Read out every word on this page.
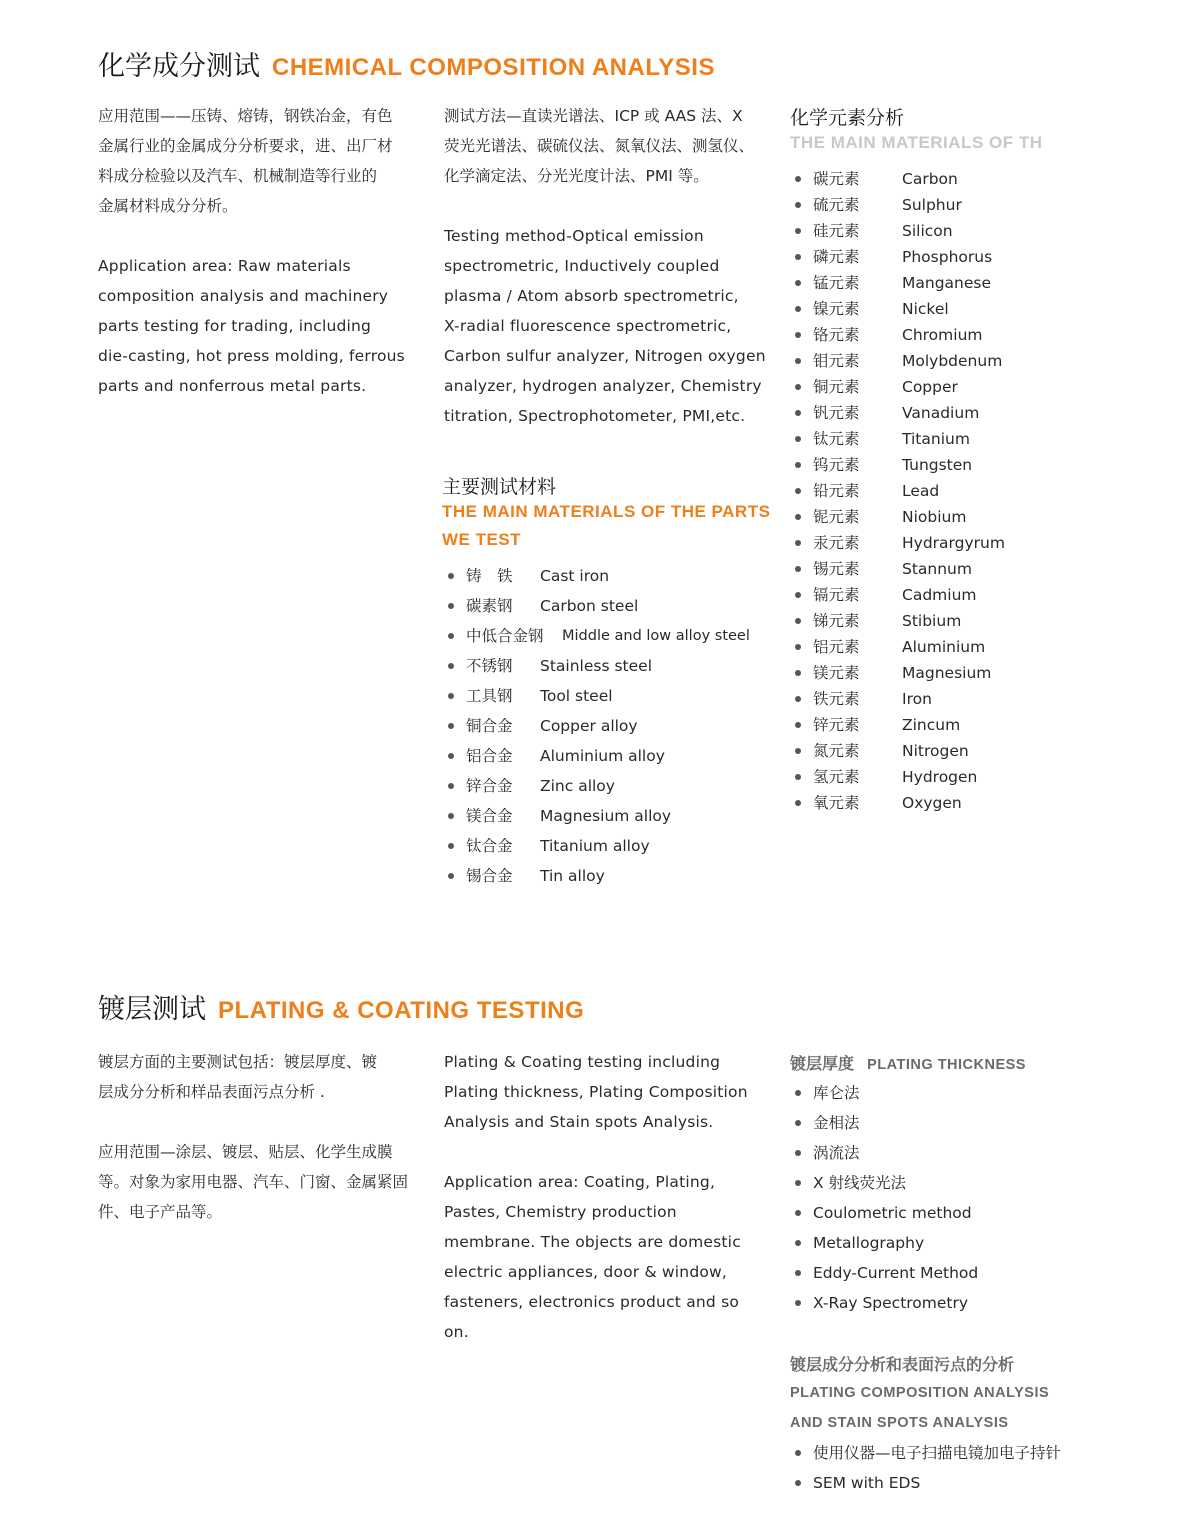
化学成分测试 CHEMICAL COMPOSITION ANALYSIS

应用范围——压铸、熔铸，钢铁冶金，有色

金属行业的金属成分分析要求，进、出厂材

料成分检验以及汽车、机械制造等行业的

金属材料成分分析。

Application area: Raw materials

composition analysis and machinery

parts testing for trading, including

die-casting, hot press molding, ferrous

parts and nonferrous metal parts.

测试方法—直读光谱法、ICP 或 AAS 法、X

荧光光谱法、碳硫仪法、氮氧仪法、测氢仪、

化学滴定法、分光光度计法、PMI 等。

Testing method-Optical emission

spectrometric, Inductively coupled

plasma / Atom absorb spectrometric,

X-radial fluorescence spectrometric,

Carbon sulfur analyzer, Nitrogen oxygen

analyzer, hydrogen analyzer, Chemistry

titration, Spectrophotometer, PMI,etc.

主要测试材料
THE MAIN MATERIALS OF THE PARTS
WE TEST
铸　铁 Cast iron
碳素钢 Carbon steel
中低合金钢 Middle and low alloy steel
不锈钢 Stainless steel
工具钢 Tool steel
铜合金 Copper alloy
铝合金 Aluminium alloy
锌合金 Zinc alloy
镁合金 Magnesium alloy
钛合金 Titanium alloy
锡合金 Tin alloy
化学元素分析
THE MAIN MATERIALS OF TH
碳元素	Carbon
硫元素	Sulphur
硅元素	Silicon
磷元素	Phosphorus
锰元素	Manganese
镍元素	Nickel
铬元素	Chromium
钼元素	Molybdenum
铜元素	Copper
钒元素	Vanadium
钛元素	Titanium
钨元素	Tungsten
铅元素	Lead
铌元素	Niobium
汞元素	Hydrargyrum
锡元素	Stannum
镉元素	Cadmium
锑元素	Stibium
铝元素	Aluminium
镁元素	Magnesium
铁元素	Iron
锌元素	Zincum
氮元素	Nitrogen
氢元素	Hydrogen
氧元素	Oxygen
镀层测试 PLATING & COATING TESTING

镀层方面的主要测试包括：镀层厚度、镀

层成分分析和样品表面污点分析 .

应用范围—涂层、镀层、贴层、化学生成膜

等。对象为家用电器、汽车、门窗、金属紧固

件、电子产品等。

Plating & Coating testing including

Plating thickness, Plating Composition

Analysis and Stain spots Analysis.

Application area: Coating, Plating,

Pastes, Chemistry production

membrane. The objects are domestic

electric appliances, door & window,

fasteners, electronics product and so

on.

镀层厚度 PLATING THICKNESS
库仑法
金相法
涡流法
X 射线荧光法
Coulometric method
Metallography
Eddy-Current Method
X-Ray Spectrometry
镀层成分分析和表面污点的分析
PLATING COMPOSITION ANALYSIS
AND STAIN SPOTS ANALYSIS
使用仪器—电子扫描电镜加电子持针
SEM with EDS
